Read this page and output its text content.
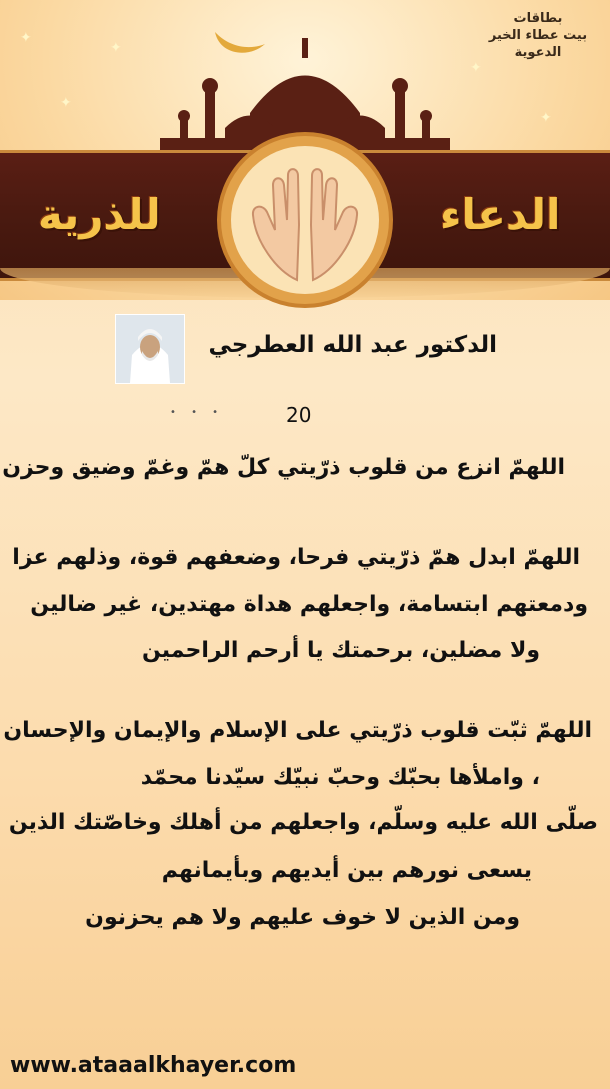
✦
✦
✦
✦
✦
الدعاء
للذرية
بطاقات
بيت عطاء الخير
الدعوية
الدكتور عبد الله العطرجي
• • •	20
اللهمّ انزع من قلوب ذرّيتي كلّ همّ وغمّ وضيق وحزن
اللهمّ ابدل همّ ذرّيتي فرحا، وضعفهم قوة، وذلهم عزا
ودمعتهم ابتسامة، واجعلهم هداة مهتدين، غير ضالين
ولا مضلين، برحمتك يا أرحم الراحمين
اللهمّ ثبّت قلوب ذرّيتي على الإسلام والإيمان والإحسان
، واملأها بحبّك وحبّ نبيّك سيّدنا محمّد
صلّى الله عليه وسلّم، واجعلهم من أهلك وخاصّتك الذين
يسعى نورهم بين أيديهم وبأيمانهم
ومن الذين لا خوف عليهم ولا هم يحزنون
www.ataaalkhayer.com
